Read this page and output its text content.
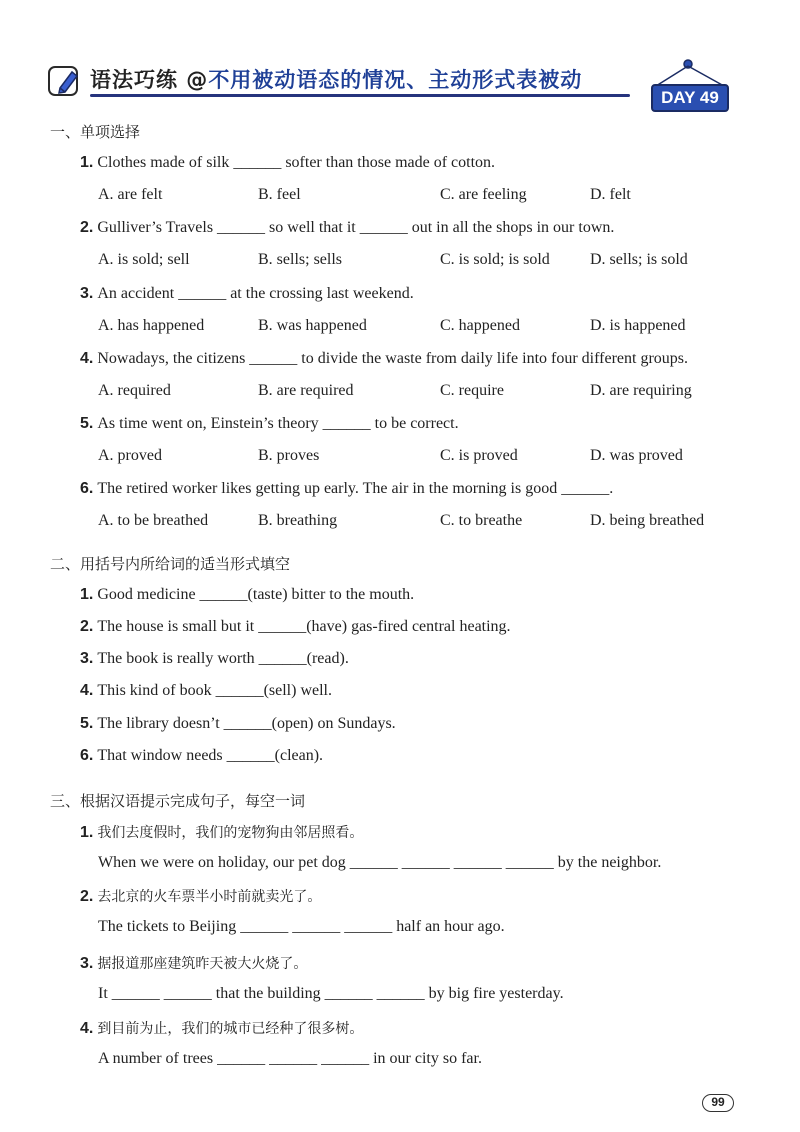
语法巧练 @不用被动语态的情况、主动形式表被动
DAY 49
一、单项选择
1. Clothes made of silk ______ softer than those made of cotton.
A. are felt	B. feel	C. are feeling	D. felt
2. Gulliver’s Travels ______ so well that it ______ out in all the shops in our town.
A. is sold; sell	B. sells; sells	C. is sold; is sold	D. sells; is sold
3. An accident ______ at the crossing last weekend.
A. has happened	B. was happened	C. happened	D. is happened
4. Nowadays, the citizens ______ to divide the waste from daily life into four different groups.
A. required	B. are required	C. require	D. are requiring
5. As time went on, Einstein’s theory ______ to be correct.
A. proved	B. proves	C. is proved	D. was proved
6. The retired worker likes getting up early. The air in the morning is good ______.
A. to be breathed	B. breathing	C. to breathe	D. being breathed
二、用括号内所给词的适当形式填空
1. Good medicine ______(taste) bitter to the mouth.
2. The house is small but it ______(have) gas-fired central heating.
3. The book is really worth ______(read).
4. This kind of book ______(sell) well.
5. The library doesn’t ______(open) on Sundays.
6. That window needs ______(clean).
三、根据汉语提示完成句子，每空一词
1. 我们去度假时，我们的宠物狗由邻居照看。
When we were on holiday, our pet dog ______ ______ ______ ______ by the neighbor.
2. 去北京的火车票半小时前就卖光了。
The tickets to Beijing ______ ______ ______ half an hour ago.
3. 据报道那座建筑昨天被大火烧了。
It ______ ______ that the building ______ ______ by big fire yesterday.
4. 到目前为止，我们的城市已经种了很多树。
A number of trees ______ ______ ______ in our city so far.
99
